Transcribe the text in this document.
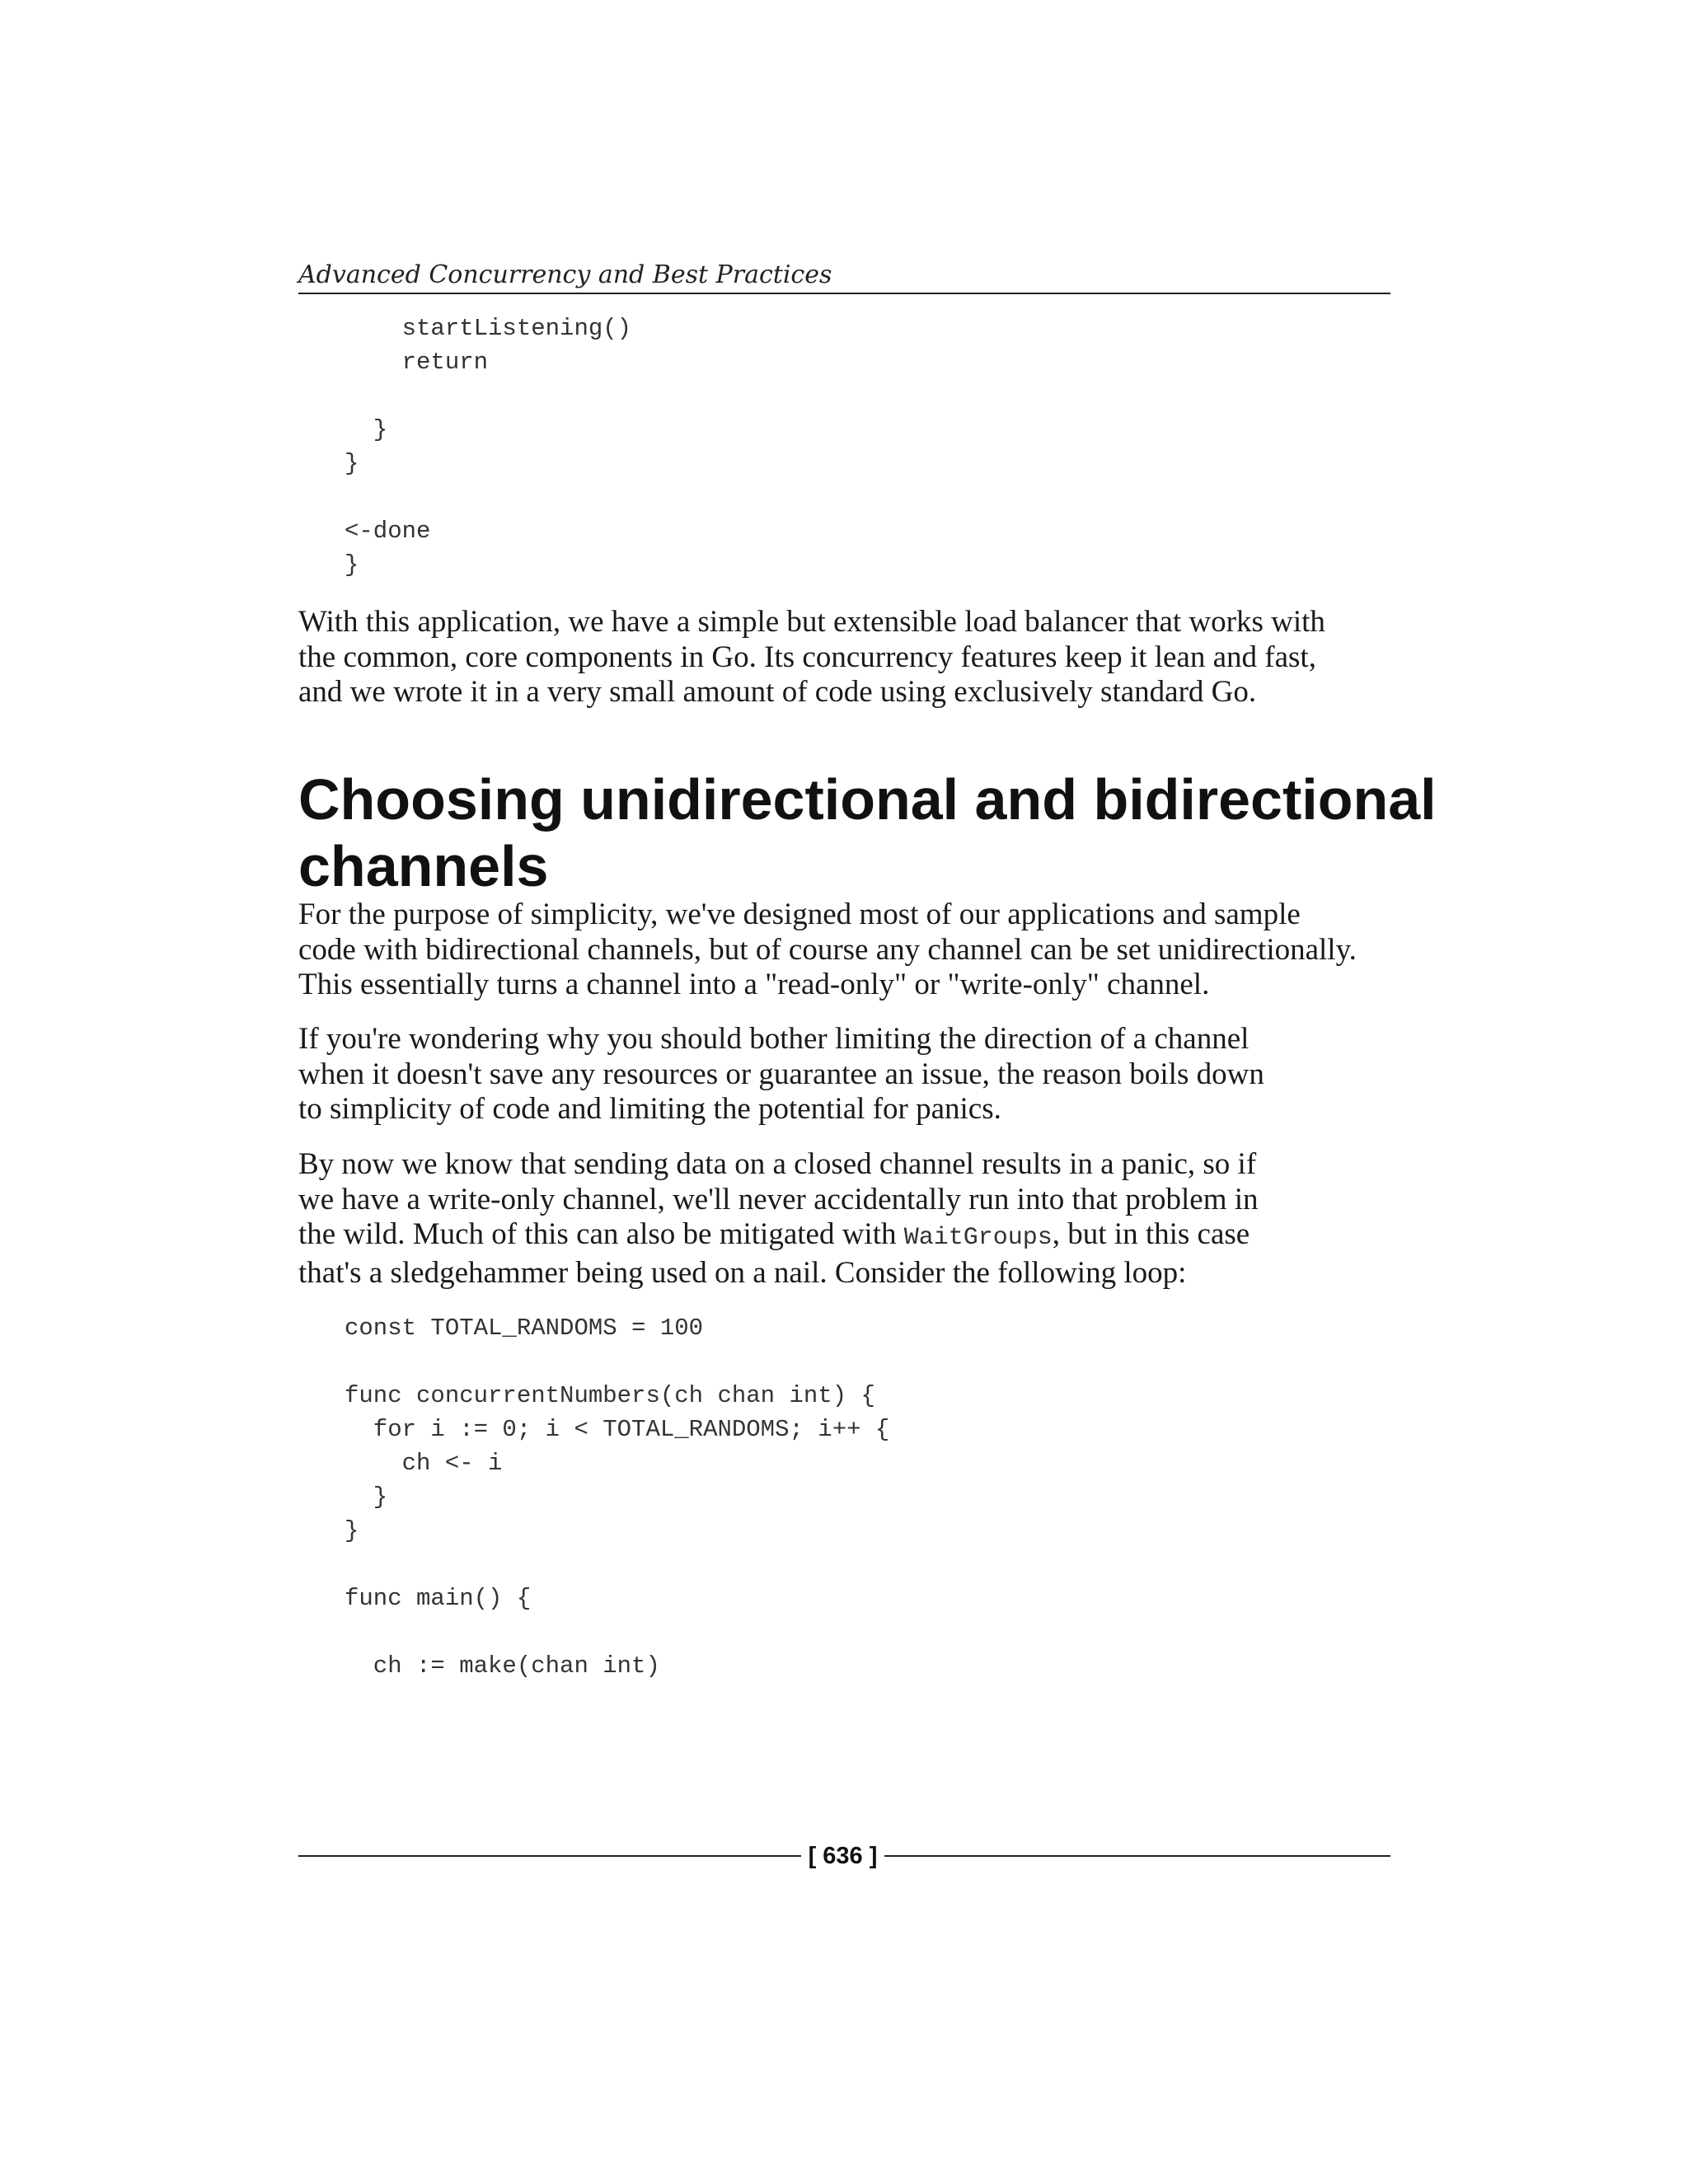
Advanced Concurrency and Best Practices
startListening()
return
}
}
<-done
}

With this application, we have a simple but extensible load balancer that works with
the common, core components in Go. Its concurrency features keep it lean and fast,
and we wrote it in a very small amount of code using exclusively standard Go.

Choosing unidirectional and bidirectional
channels

For the purpose of simplicity, we've designed most of our applications and sample
code with bidirectional channels, but of course any channel can be set unidirectionally.
This essentially turns a channel into a "read-only" or "write-only" channel.

If you're wondering why you should bother limiting the direction of a channel
when it doesn't save any resources or guarantee an issue, the reason boils down
to simplicity of code and limiting the potential for panics.

By now we know that sending data on a closed channel results in a panic, so if
we have a write-only channel, we'll never accidentally run into that problem in
the wild. Much of this can also be mitigated with WaitGroups, but in this case
that's a sledgehammer being used on a nail. Consider the following loop:

const TOTAL_RANDOMS = 100
func concurrentNumbers(ch chan int) {
for i := 0; i < TOTAL_RANDOMS; i++ {
ch <- i
}
}
func main() {
ch := make(chan int)
[ 636 ]
